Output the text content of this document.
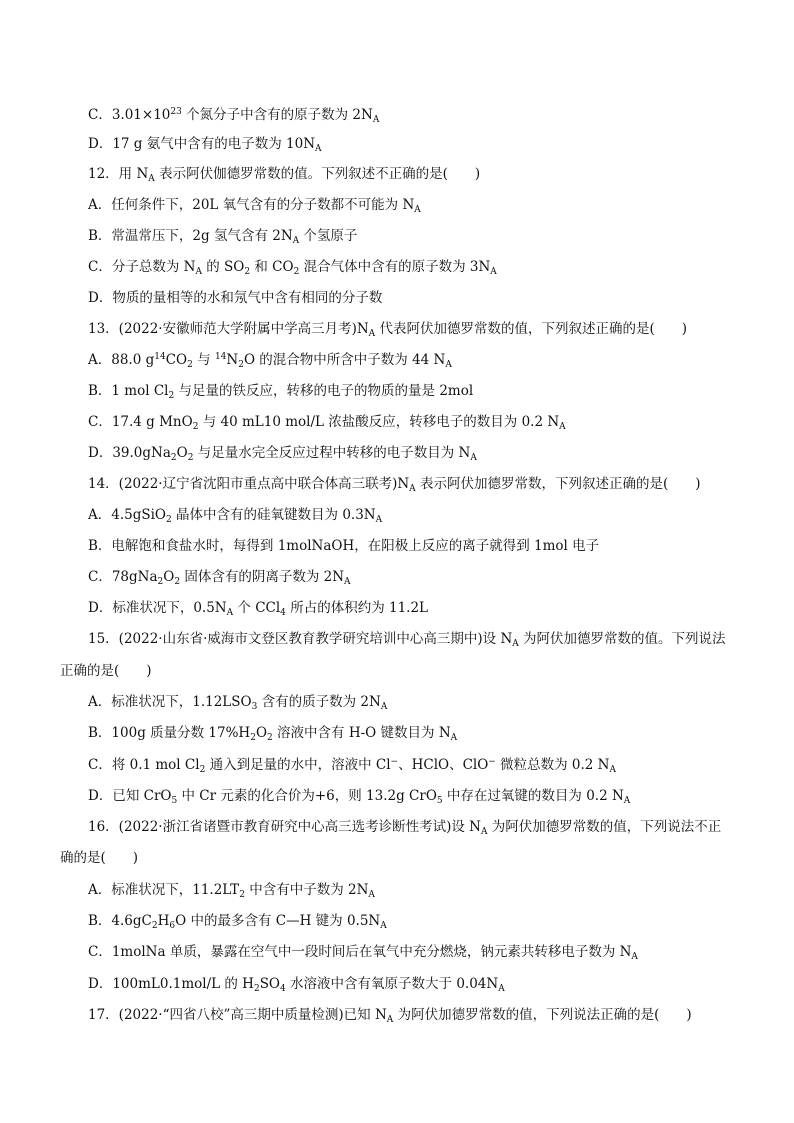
C．$3.01\times 10^{23}$ 个氮分子中含有的原子数为 $2N_A$
D．17 g 氨气中含有的电子数为 $10N_A$
12．用 $N_A$ 表示阿伏伽德罗常数的值。下列叙述不正确的是(　　)
A．任何条件下，20L 氧气含有的分子数都不可能为 $N_A$
B．常温常压下，2g 氢气含有 $2N_A$ 个氢原子
C．分子总数为 $N_A$ 的 $SO_2$ 和 $CO_2$ 混合气体中含有的原子数为 $3N_A$
D．物质的量相等的水和氖气中含有相同的分子数
13．(2022·安徽师范大学附属中学高三月考)$N_A$ 代表阿伏加德罗常数的值，下列叙述正确的是(　　)
A．88.0 $g^{14}CO_2$ 与 $^{14}N_2O$ 的混合物中所含中子数为 44 $N_A$
B．1 mol $Cl_2$ 与足量的铁反应，转移的电子的物质的量是 2mol
C．17.4 g MnO$_2$ 与 40 mL10 mol/L 浓盐酸反应，转移电子的数目为 0.2 $N_A$
D．$39.0gNa_2O_2$ 与足量水完全反应过程中转移的电子数目为 $N_A$
14．(2022·辽宁省沈阳市重点高中联合体高三联考)$N_A$ 表示阿伏加德罗常数，下列叙述正确的是(　　)
A．4.5gSiO$_2$ 晶体中含有的硅氧键数目为 $0.3N_A$
B．电解饱和食盐水时，每得到 1molNaOH，在阳极上反应的离子就得到 1mol 电子
C．$78gNa_2O_2$ 固体含有的阴离子数为 $2N_A$
D．标准状况下，$0.5N_A$ 个 CCl$_4$ 所占的体积约为 11.2L
15．(2022·山东省·威海市文登区教育教学研究培训中心高三期中)设 $N_A$ 为阿伏加德罗常数的值。下列说法
正确的是(　　)
A．标准状况下，$1.12LSO_3$ 含有的质子数为 $2N_A$
B．100g 质量分数 $17\%H_2O_2$ 溶液中含有 H-O 键数目为 $N_A$
C．将 0.1 mol $Cl_2$ 通入到足量的水中，溶液中 Cl−、HClO、ClO− 微粒总数为 0.2 $N_A$
D．已知 CrO$_5$ 中 Cr 元素的化合价为+6，则 13.2g CrO$_5$ 中存在过氧键的数目为 0.2 $N_A$
16．(2022·浙江省诸暨市教育研究中心高三选考诊断性考试)设 $N_A$ 为阿伏加德罗常数的值，下列说法不正
确的是(　　)
A．标准状况下，$11.2LT_2$ 中含有中子数为 $2N_A$
B．$4.6gC_2H_6O$ 中的最多含有 C—H 键为 $0.5N_A$
C．1molNa 单质，暴露在空气中一段时间后在氧气中充分燃烧，钠元素共转移电子数为 $N_A$
D．100mL0.1mol/L 的 $H_2SO_4$ 水溶液中含有氧原子数大于 $0.04N_A$
17．(2022·“四省八校”高三期中质量检测)已知 $N_A$ 为阿伏加德罗常数的值，下列说法正确的是(　　)
